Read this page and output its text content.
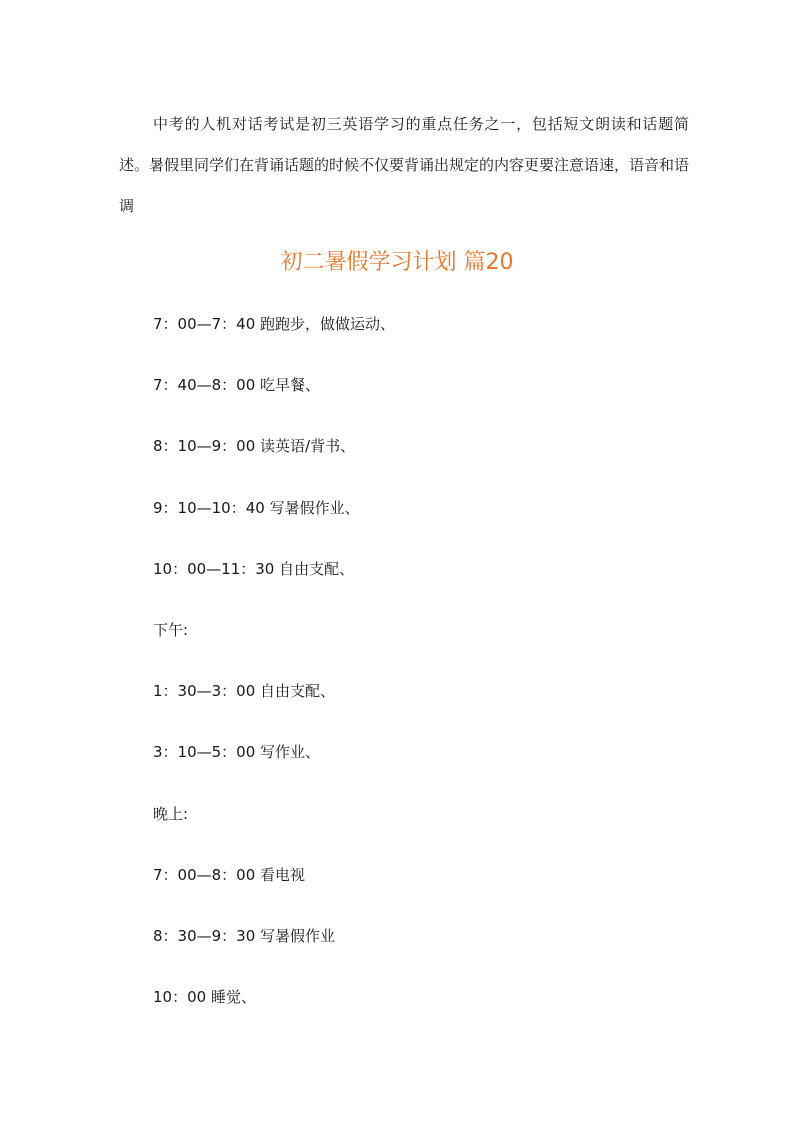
中考的人机对话考试是初三英语学习的重点任务之一，包括短文朗读和话题简述。暑假里同学们在背诵话题的时候不仅要背诵出规定的内容更要注意语速，语音和语调

初二暑假学习计划 篇20
7：00—7：40 跑跑步，做做运动、
7：40—8：00 吃早餐、
8：10—9：00 读英语/背书、
9：10—10：40 写暑假作业、
10：00—11：30 自由支配、
下午:
1：30—3：00 自由支配、
3：10—5：00 写作业、
晚上:
7：00—8：00 看电视
8：30—9：30 写暑假作业
10：00 睡觉、
